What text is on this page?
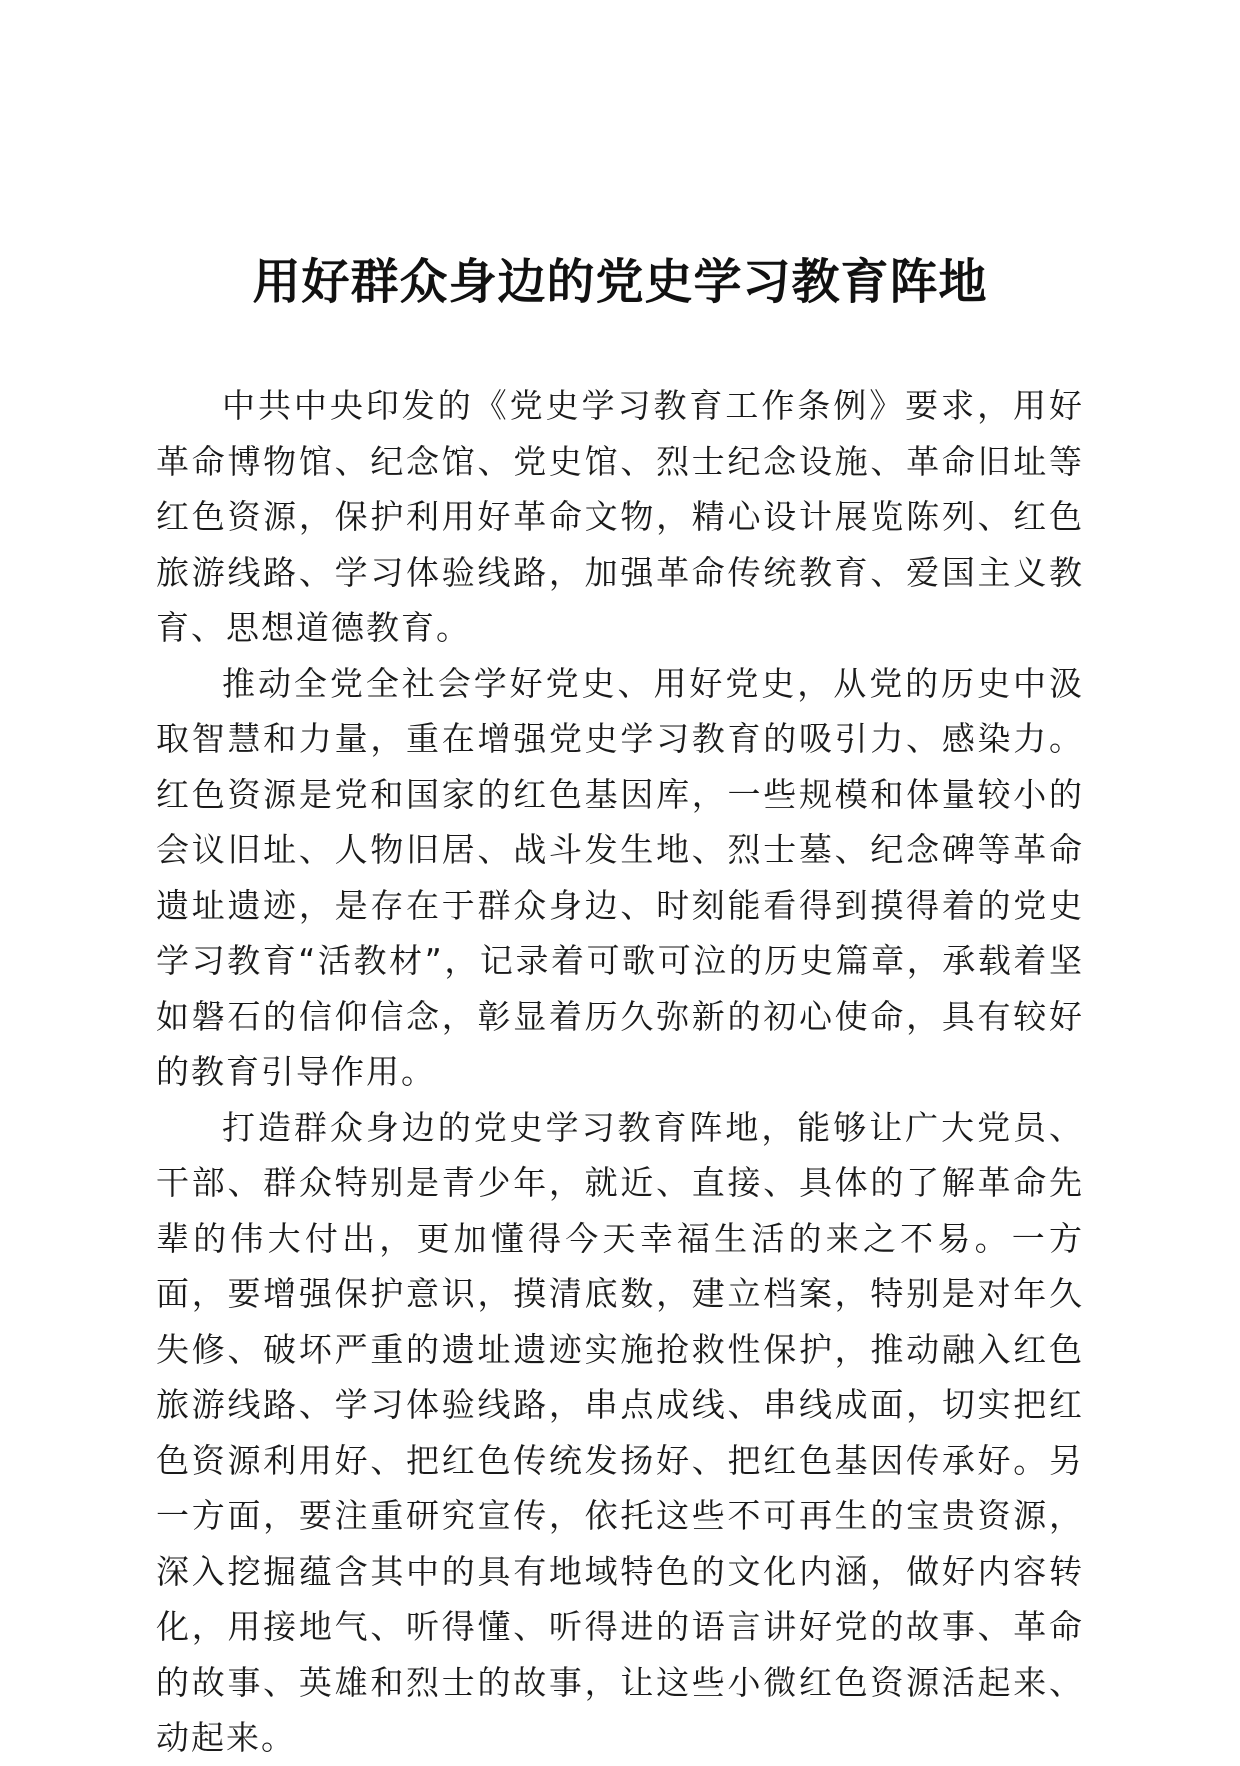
用好群众身边的党史学习教育阵地

中共中央印发的《党史学习教育工作条例》要求，用好革命博物馆、纪念馆、党史馆、烈士纪念设施、革命旧址等红色资源，保护利用好革命文物，精心设计展览陈列、红色旅游线路、学习体验线路，加强革命传统教育、爱国主义教育、思想道德教育。

推动全党全社会学好党史、用好党史，从党的历史中汲取智慧和力量，重在增强党史学习教育的吸引力、感染力。红色资源是党和国家的红色基因库，一些规模和体量较小的会议旧址、人物旧居、战斗发生地、烈士墓、纪念碑等革命遗址遗迹，是存在于群众身边、时刻能看得到摸得着的党史学习教育“活教材”，记录着可歌可泣的历史篇章，承载着坚如磐石的信仰信念，彰显着历久弥新的初心使命，具有较好的教育引导作用。

打造群众身边的党史学习教育阵地，能够让广大党员、干部、群众特别是青少年，就近、直接、具体的了解革命先辈的伟大付出，更加懂得今天幸福生活的来之不易。一方面，要增强保护意识，摸清底数，建立档案，特别是对年久失修、破坏严重的遗址遗迹实施抢救性保护，推动融入红色旅游线路、学习体验线路，串点成线、串线成面，切实把红色资源利用好、把红色传统发扬好、把红色基因传承好。另一方面，要注重研究宣传，依托这些不可再生的宝贵资源，深入挖掘蕴含其中的具有地域特色的文化内涵，做好内容转化，用接地气、听得懂、听得进的语言讲好党的故事、革命的故事、英雄和烈士的故事，让这些小微红色资源活起来、动起来。
